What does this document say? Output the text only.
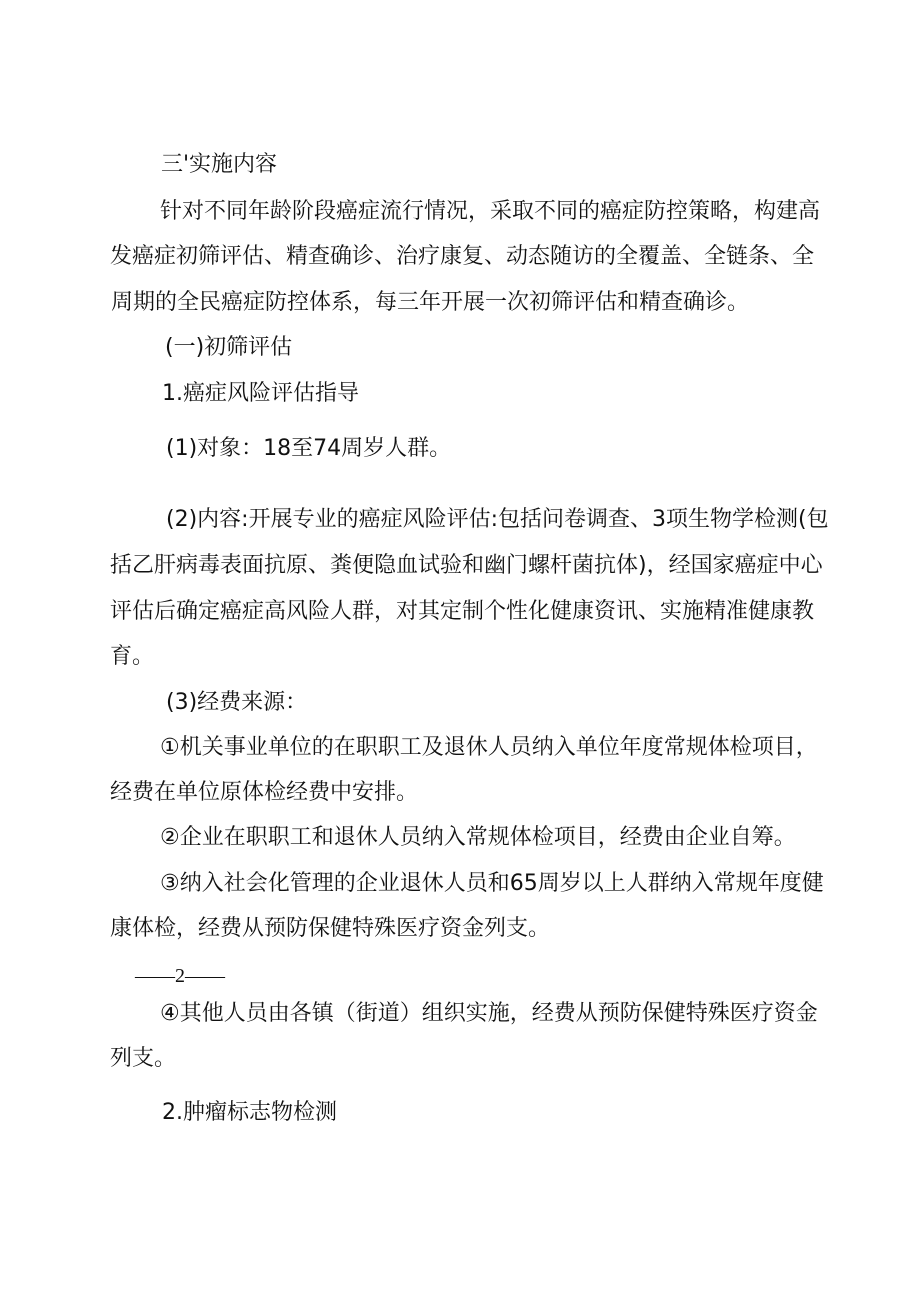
三'实施内容

针对不同年龄阶段癌症流行情况，采取不同的癌症防控策略，构建高

发癌症初筛评估、精查确诊、治疗康复、动态随访的全覆盖、全链条、全

周期的全民癌症防控体系，每三年开展一次初筛评估和精查确诊。

(一)初筛评估

1.癌症风险评估指导

(1)对象：18至74周岁人群。

(2)内容:开展专业的癌症风险评估:包括问卷调查、3项生物学检测(包

括乙肝病毒表面抗原、粪便隐血试验和幽门螺杆菌抗体)，经国家癌症中心

评估后确定癌症高风险人群，对其定制个性化健康资讯、实施精准健康教

育。

(3)经费来源：

①机关事业单位的在职职工及退休人员纳入单位年度常规体检项目，

经费在单位原体检经费中安排。

②企业在职职工和退休人员纳入常规体检项目，经费由企业自筹。

③纳入社会化管理的企业退休人员和65周岁以上人群纳入常规年度健

康体检，经费从预防保健特殊医疗资金列支。

——2——

④其他人员由各镇（街道）组织实施，经费从预防保健特殊医疗资金

列支。

2.肿瘤标志物检测
